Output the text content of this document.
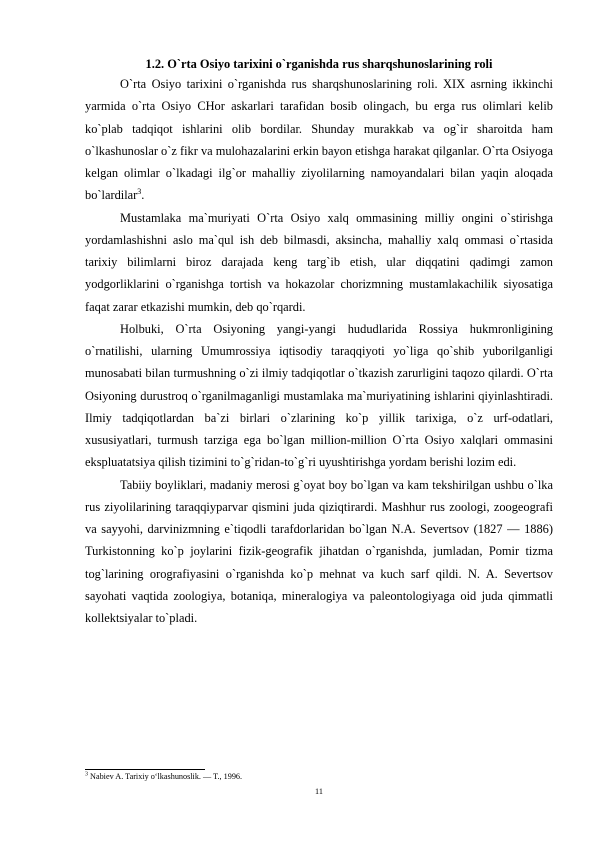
1.2. O`rta Osiyo tarixini o`rganishda rus sharqshunoslarining roli

O`rta Osiyo tarixini o`rganishda rus sharqshunoslarining roli. XIX asrning ikkinchi yarmida o`rta Osiyo CHor askarlari tarafidan bosib olingach, bu erga rus olimlari kelib ko`plab tadqiqot ishlarini olib bordilar. Shunday murakkab va og`ir sharoitda ham o`lkashunoslar o`z fikr va mulohazalarini erkin bayon etishga harakat qilganlar. O`rta Osiyoga kelgan olimlar o`lkadagi ilg`or mahalliy ziyolilarning namoyandalari bilan yaqin aloqada bo`lardilar$^3$.

Mustamlaka ma`muriyati O`rta Osiyo xalq ommasining milliy ongini o`stirishga yordamlashishni aslo ma`qul ish deb bilmasdi, aksincha, mahalliy xalq ommasi o`rtasida tarixiy bilimlarni biroz darajada keng targ`ib etish, ular diqqatini qadimgi zamon yodgorliklarini o`rganishga tortish va hokazolar chorizmning mustamlakachilik siyosatiga faqat zarar etkazishi mumkin, deb qo`rqardi.

Holbuki, O`rta Osiyoning yangi-yangi hududlarida Rossiya hukmronligining o`rnatilishi, ularning Umumrossiya iqtisodiy taraqqiyoti yo`liga qo`shib yuborilganligi munosabati bilan turmushning o`zi ilmiy tadqiqotlar o`tkazish zarurligini taqozo qilardi. O`rta Osiyoning durustroq o`rganilmaganligi mustamlaka ma`muriyatining ishlarini qiyinlashtiradi. Ilmiy tadqiqotlardan ba`zi birlari o`zlarining ko`p yillik tarixiga, o`z urf-odatlari, xususiyatlari, turmush tarziga ega bo`lgan million-million O`rta Osiyo xalqlari ommasini ekspluatatsiya qilish tizimini to`g`ridan-to`g`ri uyushtirishga yordam berishi lozim edi.

Tabiiy boyliklari, madaniy merosi g`oyat boy bo`lgan va kam tekshirilgan ushbu o`lka rus ziyolilarining taraqqiyparvar qismini juda qiziqtirardi. Mashhur rus zoologi, zoogeografi va sayyohi, darvinizmning e`tiqodli tarafdorlaridan bo`lgan N.A. Severtsov (1827 — 1886) Turkistonning ko`p joylarini fizik-geografik jihatdan o`rganishda, jumladan, Pomir tizma tog`larining orografiyasini o`rganishda ko`p mehnat va kuch sarf qildi. N. A. Severtsov sayohati vaqtida zoologiya, botaniqa, mineralogiya va paleontologiyaga oid juda qimmatli kollektsiyalar to`pladi.

$^3$ Nabiev A. Tarixiy o‘lkashunoslik. — T., 1996.
11
